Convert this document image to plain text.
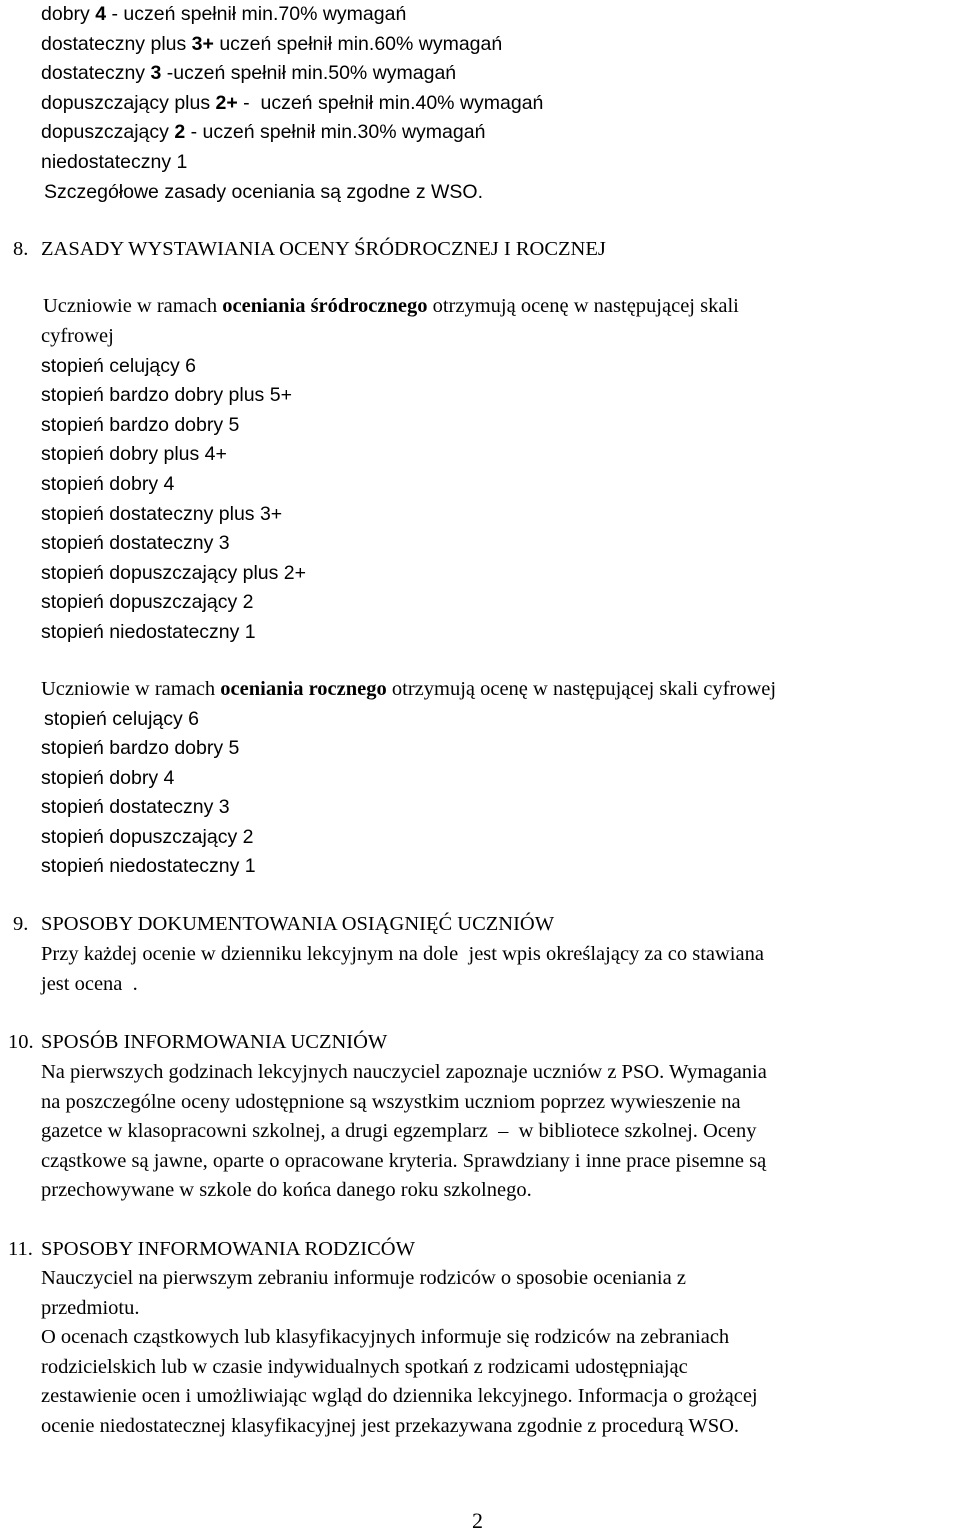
dobry 4 - uczeń spełnił min.70% wymagań
dostateczny plus 3+ uczeń spełnił min.60% wymagań
dostateczny 3 -uczeń spełnił min.50% wymagań
dopuszczający plus 2+ -  uczeń spełnił min.40% wymagań
dopuszczający 2 - uczeń spełnił min.30% wymagań
niedostateczny 1
Szczegółowe zasady oceniania są zgodne z WSO.
8. ZASADY WYSTAWIANIA OCENY ŚRÓDROCZNEJ I ROCZNEJ
Uczniowie w ramach oceniania śródrocznego otrzymują ocenę w następującej skali
cyfrowej
stopień celujący 6
stopień bardzo dobry plus 5+
stopień bardzo dobry 5
stopień dobry plus 4+
stopień dobry 4
stopień dostateczny plus 3+
stopień dostateczny 3
stopień dopuszczający plus 2+
stopień dopuszczający 2
stopień niedostateczny 1
Uczniowie w ramach oceniania rocznego otrzymują ocenę w następującej skali cyfrowej
stopień celujący 6
stopień bardzo dobry 5
stopień dobry 4
stopień dostateczny 3
stopień dopuszczający 2
stopień niedostateczny 1
9. SPOSOBY DOKUMENTOWANIA OSIĄGNIĘĆ UCZNIÓW
Przy każdej ocenie w dzienniku lekcyjnym na dole  jest wpis określający za co stawiana
jest ocena  .
10. SPOSÓB INFORMOWANIA UCZNIÓW
Na pierwszych godzinach lekcyjnych nauczyciel zapoznaje uczniów z PSO. Wymagania
na poszczególne oceny udostępnione są wszystkim uczniom poprzez wywieszenie na
gazetce w klasopracowni szkolnej, a drugi egzemplarz  –  w bibliotece szkolnej. Oceny
cząstkowe są jawne, oparte o opracowane kryteria. Sprawdziany i inne prace pisemne są
przechowywane w szkole do końca danego roku szkolnego.
11. SPOSOBY INFORMOWANIA RODZICÓW
Nauczyciel na pierwszym zebraniu informuje rodziców o sposobie oceniania z
przedmiotu.
O ocenach cząstkowych lub klasyfikacyjnych informuje się rodziców na zebraniach
rodzicielskich lub w czasie indywidualnych spotkań z rodzicami udostępniając
zestawienie ocen i umożliwiając wgląd do dziennika lekcyjnego. Informacja o grożącej
ocenie niedostatecznej klasyfikacyjnej jest przekazywana zgodnie z procedurą WSO.
2
